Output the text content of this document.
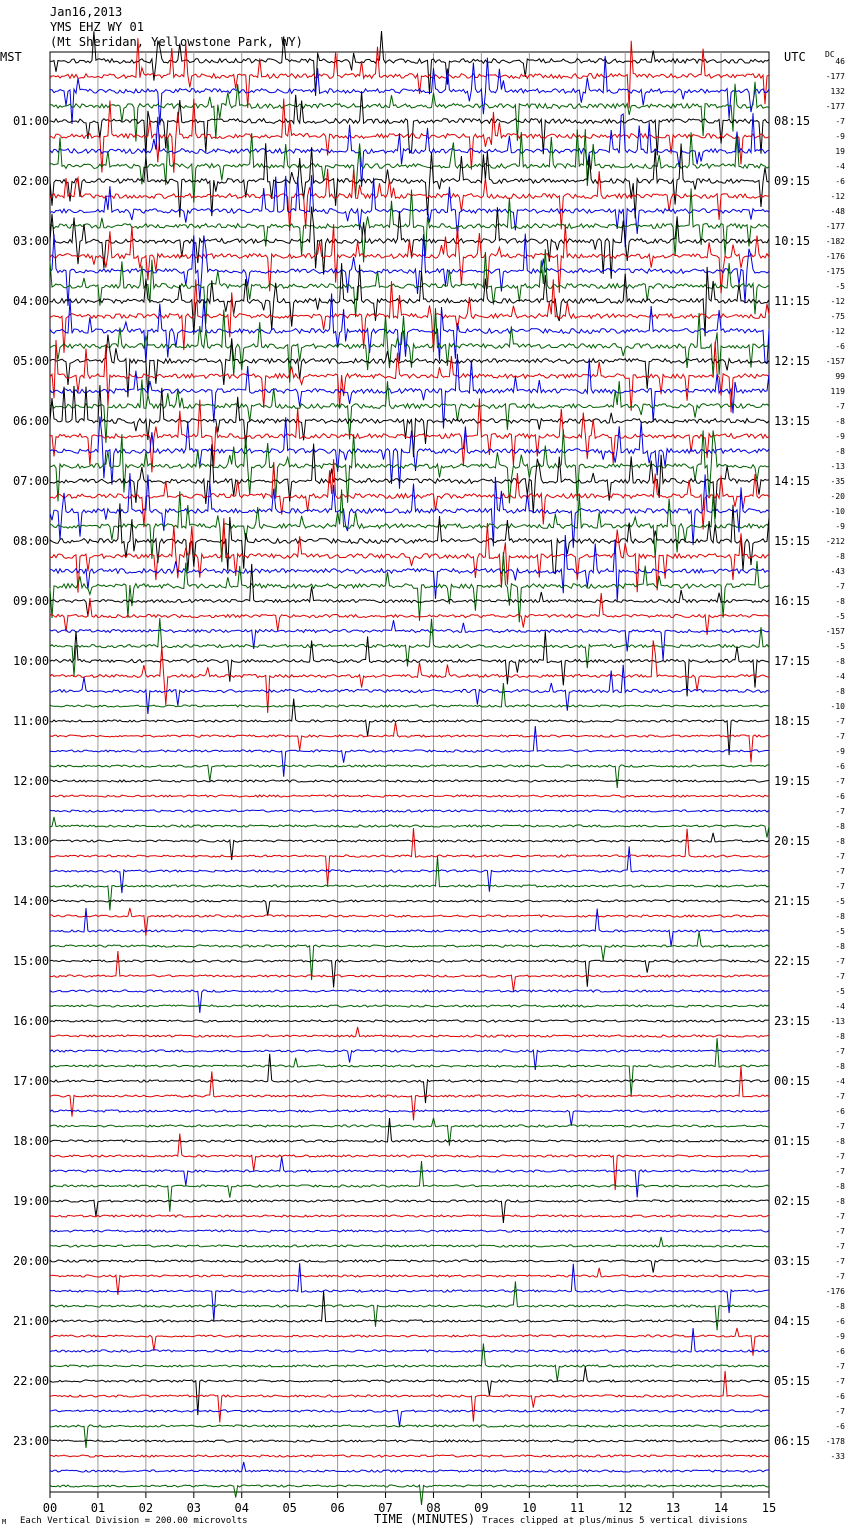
Jan16,2013
YMS EHZ WY 01
(Mt Sheridan, Yellowstone Park, WY)
MST	UTC DC
01:00
02:00
03:00
04:00
05:00
06:00
07:00
08:00
09:00
10:00
11:00
12:00
13:00
14:00
15:00
16:00
17:00
18:00
19:00
20:00
21:00
22:00
23:00
08:15
09:15
10:15
11:15
12:15
13:15
14:15
15:15
16:15
17:15
18:15
19:15
20:15
21:15
22:15
23:15
00:15
01:15
02:15
03:15
04:15
05:15
06:15
46
-177
132
-177
-7
-9
19
-4
-6
-12
-48
-177
-182
-176
-175
-5
-12
-75
-12
-6
-157
99
119
-7
-8
-9
-8
-13
-35
-20
-10
-9
-212
-8
-43
-7
-8
-5
-157
-5
-8
-4
-8
-10
-7
-7
-9
-6
-7
-6
-7
-8
-8
-7
-7
-7
-5
-8
-5
-8
-7
-7
-5
-4
-13
-8
-7
-8
-4
-7
-6
-7
-8
-7
-7
-8
-8
-7
-7
-7
-7
-7
-176
-8
-6
-9
-6
-7
-7
-6
-7
-6
-178
-33
00	01	02	03	04	05	06	07	08	09	10	11	12	13	14	15
M Each Vertical Division = 200.00 microvolts	TIME (MINUTES) Traces clipped at plus/minus 5 vertical divisions
